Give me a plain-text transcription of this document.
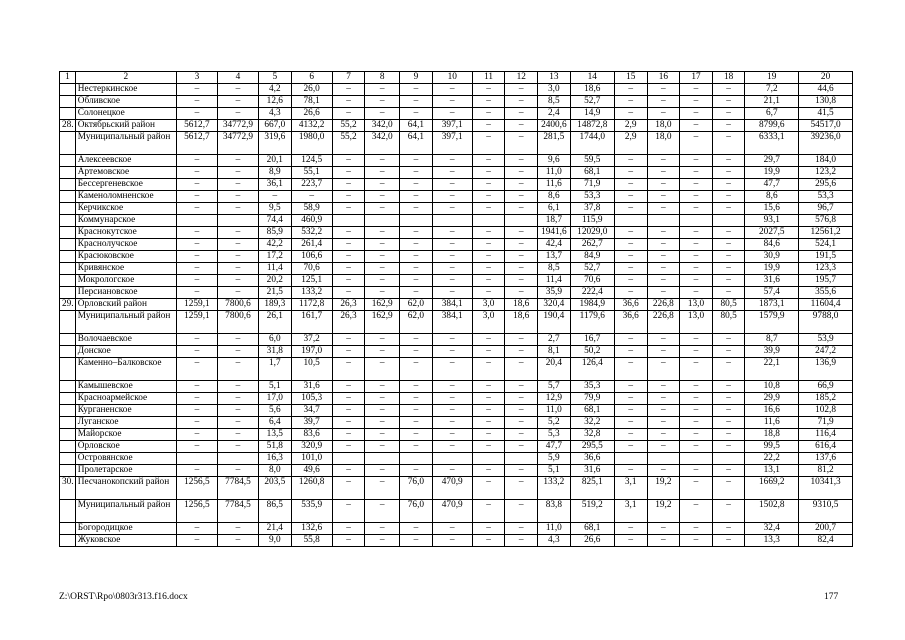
1	2	3	4	5	6	7	8	9	10	11	12	13	14	15	16	17	18	19	20
	Нестеркинское	–	–	4,2	26,0	–	–	–	–	–	–	3,0	18,6	–	–	–	–	7,2	44,6
	Обливское	–	–	12,6	78,1	–	–	–	–	–	–	8,5	52,7	–	–	–	–	21,1	130,8
	Солонецкое	–	–	4,3	26,6	–	–	–	–	–	–	2,4	14,9	–	–	–	–	6,7	41,5
28.	Октябрьский район	5612,7	34772,9	667,0	4132,2	55,2	342,0	64,1	397,1	–	–	2400,6	14872,8	2,9	18,0	–	–	8799,6	54517,0
	Муниципальный район	5612,7	34772,9	319,6	1980,0	55,2	342,0	64,1	397,1	–	–	281,5	1744,0	2,9	18,0	–	–	6333,1	39236,0
	Алексеевское	–	–	20,1	124,5	–	–	–	–	–	–	9,6	59,5	–	–	–	–	29,7	184,0
	Артемовское	–	–	8,9	55,1	–	–	–	–	–	–	11,0	68,1	–	–	–	–	19,9	123,2
	Бессергеневское	–	–	36,1	223,7	–	–	–	–	–	–	11,6	71,9	–	–	–	–	47,7	295,6
	Каменоломненское	–	–	–	–	–	–	–	–	–	–	8,6	53,3	–	–	–	–	8,6	53,3
	Керчикское	–	–	9,5	58,9	–	–	–	–	–	–	6,1	37,8	–	–	–	–	15,6	96,7
	Коммунарское			74,4	460,9							18,7	115,9					93,1	576,8
	Краснокутское	–	–	85,9	532,2	–	–	–	–	–	–	1941,6	12029,0	–	–	–	–	2027,5	12561,2
	Краснолучское	–	–	42,2	261,4	–	–	–	–	–	–	42,4	262,7	–	–	–	–	84,6	524,1
	Красюковское	–	–	17,2	106,6	–	–	–	–	–	–	13,7	84,9	–	–	–	–	30,9	191,5
	Кривянское	–	–	11,4	70,6	–	–	–	–	–	–	8,5	52,7	–	–	–	–	19,9	123,3
	Мокрологское	–	–	20,2	125,1	–	–	–	–	–	–	11,4	70,6	–	–	–	–	31,6	195,7
	Персиановское	–	–	21,5	133,2	–	–	–	–	–	–	35,9	222,4	–	–	–	–	57,4	355,6
29.	Орловский район	1259,1	7800,6	189,3	1172,8	26,3	162,9	62,0	384,1	3,0	18,6	320,4	1984,9	36,6	226,8	13,0	80,5	1873,1	11604,4
	Муниципальный район	1259,1	7800,6	26,1	161,7	26,3	162,9	62,0	384,1	3,0	18,6	190,4	1179,6	36,6	226,8	13,0	80,5	1579,9	9788,0
	Волочаевское	–	–	6,0	37,2	–	–	–	–	–	–	2,7	16,7	–	–	–	–	8,7	53,9
	Донское	–	–	31,8	197,0	–	–	–	–	–	–	8,1	50,2	–	–	–	–	39,9	247,2
	Каменно–Балковское	–	–	1,7	10,5	–	–	–	–	–	–	20,4	126,4	–	–	–	–	22,1	136,9
	Камышевское	–	–	5,1	31,6	–	–	–	–	–	–	5,7	35,3	–	–	–	–	10,8	66,9
	Красноармейское	–	–	17,0	105,3	–	–	–	–	–	–	12,9	79,9	–	–	–	–	29,9	185,2
	Курганенское	–	–	5,6	34,7	–	–	–	–	–	–	11,0	68,1	–	–	–	–	16,6	102,8
	Луганское	–	–	6,4	39,7	–	–	–	–	–	–	5,2	32,2	–	–	–	–	11,6	71,9
	Майорское	–	–	13,5	83,6	–	–	–	–	–	–	5,3	32,8	–	–	–	–	18,8	116,4
	Орловское	–	–	51,8	320,9	–	–	–	–	–	–	47,7	295,5	–	–	–	–	99,5	616,4
	Островянское			16,3	101,0							5,9	36,6					22,2	137,6
	Пролетарское	–	–	8,0	49,6	–	–	–	–	–	–	5,1	31,6	–	–	–	–	13,1	81,2
30.	Песчанокопский район	1256,5	7784,5	203,5	1260,8	–	–	76,0	470,9	–	–	133,2	825,1	3,1	19,2	–	–	1669,2	10341,3
	Муниципальный район	1256,5	7784,5	86,5	535,9	–	–	76,0	470,9	–	–	83,8	519,2	3,1	19,2	–	–	1502,8	9310,5
	Богородицкое	–	–	21,4	132,6	–	–	–	–	–	–	11,0	68,1	–	–	–	–	32,4	200,7
	Жуковское	–	–	9,0	55,8	–	–	–	–	–	–	4,3	26,6	–	–	–	–	13,3	82,4
Z:\ORST\Rpo\0803r313.f16.docx	177
